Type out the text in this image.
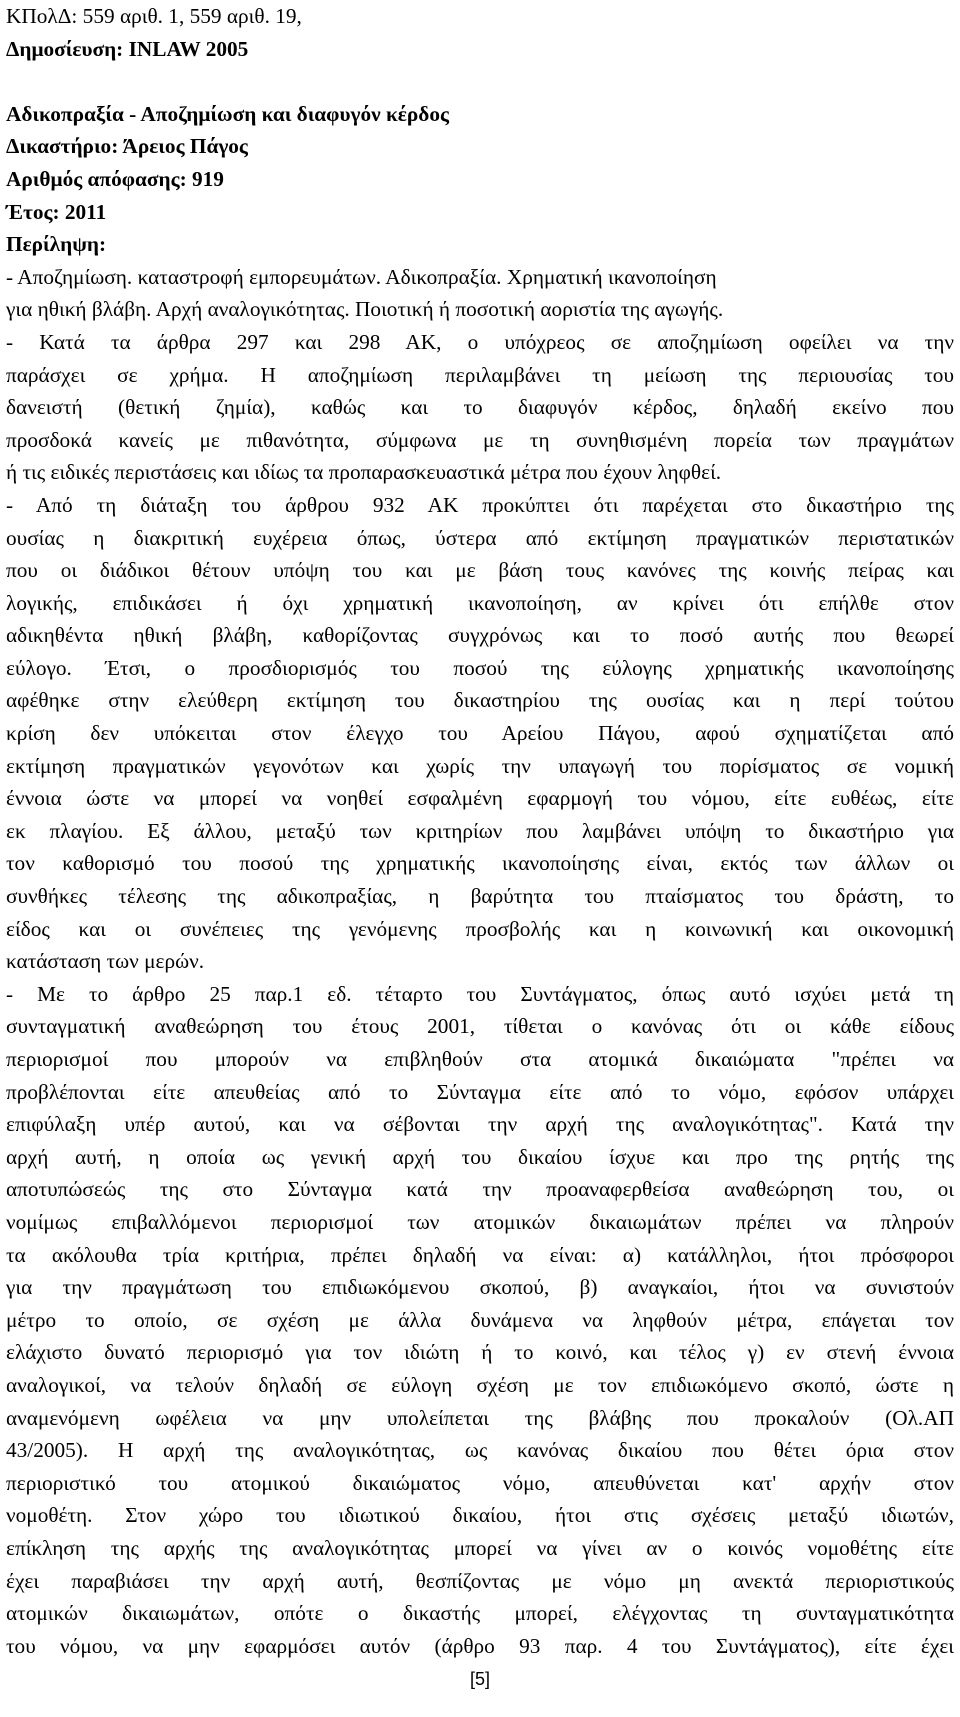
ΚΠολΔ: 559 αριθ. 1, 559 αριθ. 19,
Δημοσίευση: INLAW 2005

Αδικοπραξία - Αποζημίωση και διαφυγόν κέρδος
Δικαστήριο: Άρειος Πάγος
Αριθμός απόφασης: 919
Έτος: 2011
Περίληψη:
- Αποζημίωση. καταστροφή εμπορευμάτων. Αδικοπραξία. Χρηματική ικανοποίηση
για ηθική βλάβη. Αρχή αναλογικότητας. Ποιοτική ή ποσοτική αοριστία της αγωγής.
- Κατά τα άρθρα 297 και 298 ΑΚ, ο υπόχρεος σε αποζημίωση οφείλει να την
παράσχει σε χρήμα. Η αποζημίωση περιλαμβάνει τη μείωση της περιουσίας του
δανειστή (θετική ζημία), καθώς και το διαφυγόν κέρδος, δηλαδή εκείνο που
προσδοκά κανείς με πιθανότητα, σύμφωνα με τη συνηθισμένη πορεία των πραγμάτων
ή τις ειδικές περιστάσεις και ιδίως τα προπαρασκευαστικά μέτρα που έχουν ληφθεί.
- Από τη διάταξη του άρθρου 932 ΑΚ προκύπτει ότι παρέχεται στο δικαστήριο της
ουσίας η διακριτική ευχέρεια όπως, ύστερα από εκτίμηση πραγματικών περιστατικών
που οι διάδικοι θέτουν υπόψη του και με βάση τους κανόνες της κοινής πείρας και
λογικής, επιδικάσει ή όχι χρηματική ικανοποίηση, αν κρίνει ότι επήλθε στον
αδικηθέντα ηθική βλάβη, καθορίζοντας συγχρόνως και το ποσό αυτής που θεωρεί
εύλογο. Έτσι, ο προσδιορισμός του ποσού της εύλογης χρηματικής ικανοποίησης
αφέθηκε στην ελεύθερη εκτίμηση του δικαστηρίου της ουσίας και η περί τούτου
κρίση δεν υπόκειται στον έλεγχο του Αρείου Πάγου, αφού σχηματίζεται από
εκτίμηση πραγματικών γεγονότων και χωρίς την υπαγωγή του πορίσματος σε νομική
έννοια ώστε να μπορεί να νοηθεί εσφαλμένη εφαρμογή του νόμου, είτε ευθέως, είτε
εκ πλαγίου. Εξ άλλου, μεταξύ των κριτηρίων που λαμβάνει υπόψη το δικαστήριο για
τον καθορισμό του ποσού της χρηματικής ικανοποίησης είναι, εκτός των άλλων οι
συνθήκες τέλεσης της αδικοπραξίας, η βαρύτητα του πταίσματος του δράστη, το
είδος και οι συνέπειες της γενόμενης προσβολής και η κοινωνική και οικονομική
κατάσταση των μερών.
- Με το άρθρο 25 παρ.1 εδ. τέταρτο του Συντάγματος, όπως αυτό ισχύει μετά τη
συνταγματική αναθεώρηση του έτους 2001, τίθεται ο κανόνας ότι οι κάθε είδους
περιορισμοί που μπορούν να επιβληθούν στα ατομικά δικαιώματα "πρέπει να
προβλέπονται είτε απευθείας από το Σύνταγμα είτε από το νόμο, εφόσον υπάρχει
επιφύλαξη υπέρ αυτού, και να σέβονται την αρχή της αναλογικότητας". Κατά την
αρχή αυτή, η οποία ως γενική αρχή του δικαίου ίσχυε και προ της ρητής της
αποτυπώσεώς της στο Σύνταγμα κατά την προαναφερθείσα αναθεώρηση του, οι
νομίμως επιβαλλόμενοι περιορισμοί των ατομικών δικαιωμάτων πρέπει να πληρούν
τα ακόλουθα τρία κριτήρια, πρέπει δηλαδή να είναι: α) κατάλληλοι, ήτοι πρόσφοροι
για την πραγμάτωση του επιδιωκόμενου σκοπού, β) αναγκαίοι, ήτοι να συνιστούν
μέτρο το οποίο, σε σχέση με άλλα δυνάμενα να ληφθούν μέτρα, επάγεται τον
ελάχιστο δυνατό περιορισμό για τον ιδιώτη ή το κοινό, και τέλος γ) εν στενή έννοια
αναλογικοί, να τελούν δηλαδή σε εύλογη σχέση με τον επιδιωκόμενο σκοπό, ώστε η
αναμενόμενη ωφέλεια να μην υπολείπεται της βλάβης που προκαλούν (Ολ.ΑΠ
43/2005). Η αρχή της αναλογικότητας, ως κανόνας δικαίου που θέτει όρια στον
περιοριστικό του ατομικού δικαιώματος νόμο, απευθύνεται κατ' αρχήν στον
νομοθέτη. Στον χώρο του ιδιωτικού δικαίου, ήτοι στις σχέσεις μεταξύ ιδιωτών,
επίκληση της αρχής της αναλογικότητας μπορεί να γίνει αν ο κοινός νομοθέτης είτε
έχει παραβιάσει την αρχή αυτή, θεσπίζοντας με νόμο μη ανεκτά περιοριστικούς
ατομικών δικαιωμάτων, οπότε ο δικαστής μπορεί, ελέγχοντας τη συνταγματικότητα
του νόμου, να μην εφαρμόσει αυτόν (άρθρο 93 παρ. 4 του Συντάγματος), είτε έχει
[5]
